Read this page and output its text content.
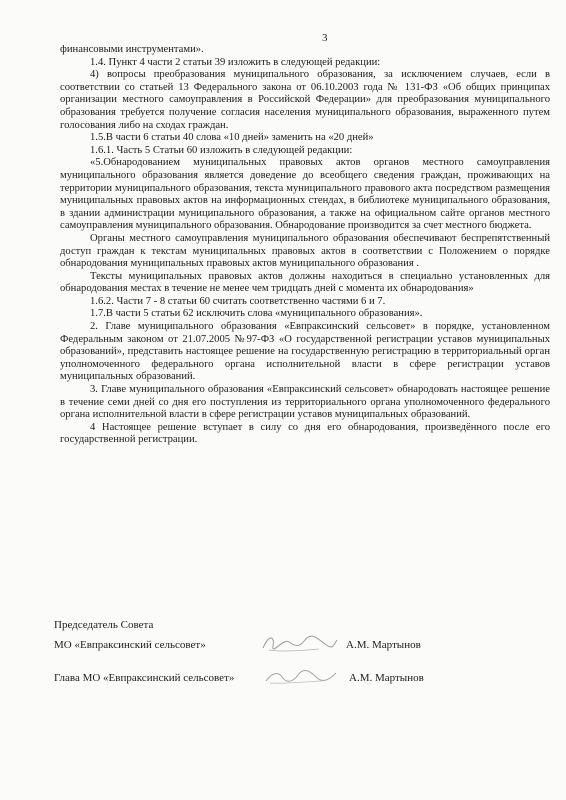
3

финансовыми инструментами».

1.4. Пункт 4 части 2 статьи 39 изложить в следующей редакции:

4) вопросы преобразования муниципального образования, за исключением случаев, если в соответствии со статьей 13 Федерального закона от 06.10.2003 года № 131-ФЗ «Об общих принципах организации местного самоуправления в Российской Федерации» для преобразования муниципального образования требуется получение согласия населения муниципального образования, выраженного путем голосования либо на сходах граждан.

1.5.В части 6 статьи 40 слова «10 дней» заменить на «20 дней»

1.6.1. Часть 5 Статьи 60 изложить в следующей редакции:

«5.Обнародованием муниципальных правовых актов органов местного самоуправления муниципального образования является доведение до всеобщего сведения граждан, проживающих на территории муниципального образования, текста муниципального правового акта посредством размещения муниципальных правовых актов на информационных стендах, в библиотеке муниципального образования, в здании администрации муниципального образования, а также на официальном сайте органов местного самоуправления муниципального образования. Обнародование производится за счет местного бюджета.

Органы местного самоуправления муниципального образования обеспечивают беспрепятственный доступ граждан к текстам муниципальных правовых актов в соответствии с Положением о порядке обнародования муниципальных правовых актов муниципального образования .

Тексты муниципальных правовых актов должны находиться в специально установленных для обнародования местах в течение не менее чем тридцать дней с момента их обнародования»

1.6.2. Части 7 - 8 статьи 60 считать соответственно частями 6 и 7.

1.7.В части 5 статьи 62 исключить слова «муниципального образования».

2. Главе муниципального образования «Евпраксинский сельсовет» в порядке, установленном Федеральным законом от 21.07.2005 №97-ФЗ «О государственной регистрации уставов муниципальных образований», представить настоящее решение на государственную регистрацию в территориальный орган уполномоченного федерального органа исполнительной власти в сфере регистрации уставов муниципальных образований.

3. Главе муниципального образования «Евпраксинский сельсовет» обнародовать настоящее решение в течение семи дней со дня его поступления из территориального органа уполномоченного федерального органа исполнительной власти в сфере регистрации уставов муниципальных образований.

4 Настоящее решение вступает в силу со дня его обнародования, произведённого после его государственной регистрации.

Председатель Совета
МО «Евпраксинский сельсовет»	А.М. Мартынов
Глава МО «Евпраксинский сельсовет»	А.М. Мартынов
